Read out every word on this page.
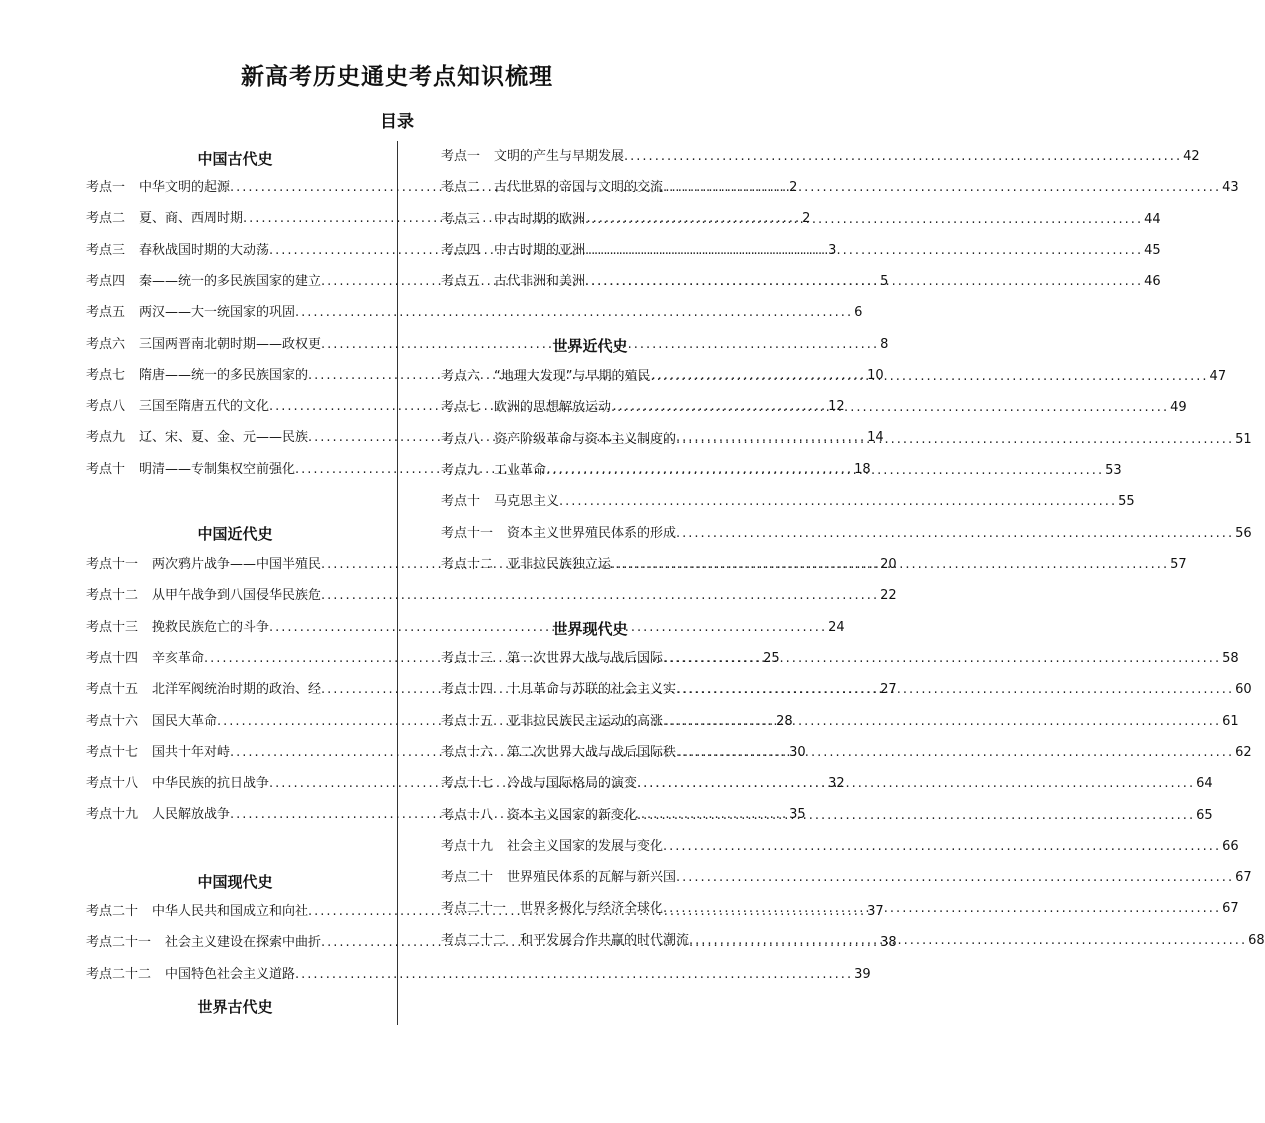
新高考历史通史考点知识梳理
目录
中国古代史
考点一	中华文明的起源 .....	2
考点二	夏、商、西周时期 .....	2
考点三	春秋战国时期的大动荡 .....	3
考点四	秦——统一的多民族国家的建立 .....	5
考点五	两汉——大一统国家的巩固 .....	6
考点六	三国两晋南北朝时期——政权更 .....	8
考点七	隋唐——统一的多民族国家的 .....	10
考点八	三国至隋唐五代的文化 .....	12
考点九	辽、宋、夏、金、元——民族 .....	14
考点十	明清——专制集权空前强化 .....	18
中国近代史
考点十一	两次鸦片战争——中国半殖民 .....	20
考点十二	从甲午战争到八国侵华民族危 .....	22
考点十三	挽救民族危亡的斗争 .....	24
考点十四	辛亥革命 .....	25
考点十五	北洋军阀统治时期的政治、经 .....	27
考点十六	国民大革命 .....	28
考点十七	国共十年对峙 .....	30
考点十八	中华民族的抗日战争 .....	32
考点十九	人民解放战争 .....	35
中国现代史
考点二十	中华人民共和国成立和向社 .....	37
考点二十一	社会主义建设在探索中曲折 .....	38
考点二十二	中国特色社会主义道路 .....	39
世界古代史
考点一	文明的产生与早期发展 .....	42
考点二	古代世界的帝国与文明的交流 .....	43
考点三	中古时期的欧洲 .....	44
考点四	中古时期的亚洲 .....	45
考点五	古代非洲和美洲 .....	46
世界近代史
考点六	“地理大发现”与早期的殖民 .....	47
考点七	欧洲的思想解放运动 .....	49
考点八	资产阶级革命与资本主义制度的 .....	51
考点九	工业革命 .....	53
考点十	马克思主义 .....	55
考点十一	资本主义世界殖民体系的形成 .....	56
考点十二	亚非拉民族独立运 .....	57
世界现代史
考点十三	第一次世界大战与战后国际 .....	58
考点十四	十月革命与苏联的社会主义实 .....	60
考点十五	亚非拉民族民主运动的高涨 .....	61
考点十六	第二次世界大战与战后国际秩 .....	62
考点十七	冷战与国际格局的演变 .....	64
考点十八	资本主义国家的新变化 .....	65
考点十九	社会主义国家的发展与变化 .....	66
考点二十	世界殖民体系的瓦解与新兴国 .....	67
考点二十一	世界多极化与经济全球化 .....	67
考点二十二	和平发展合作共赢的时代潮流 .....	68
